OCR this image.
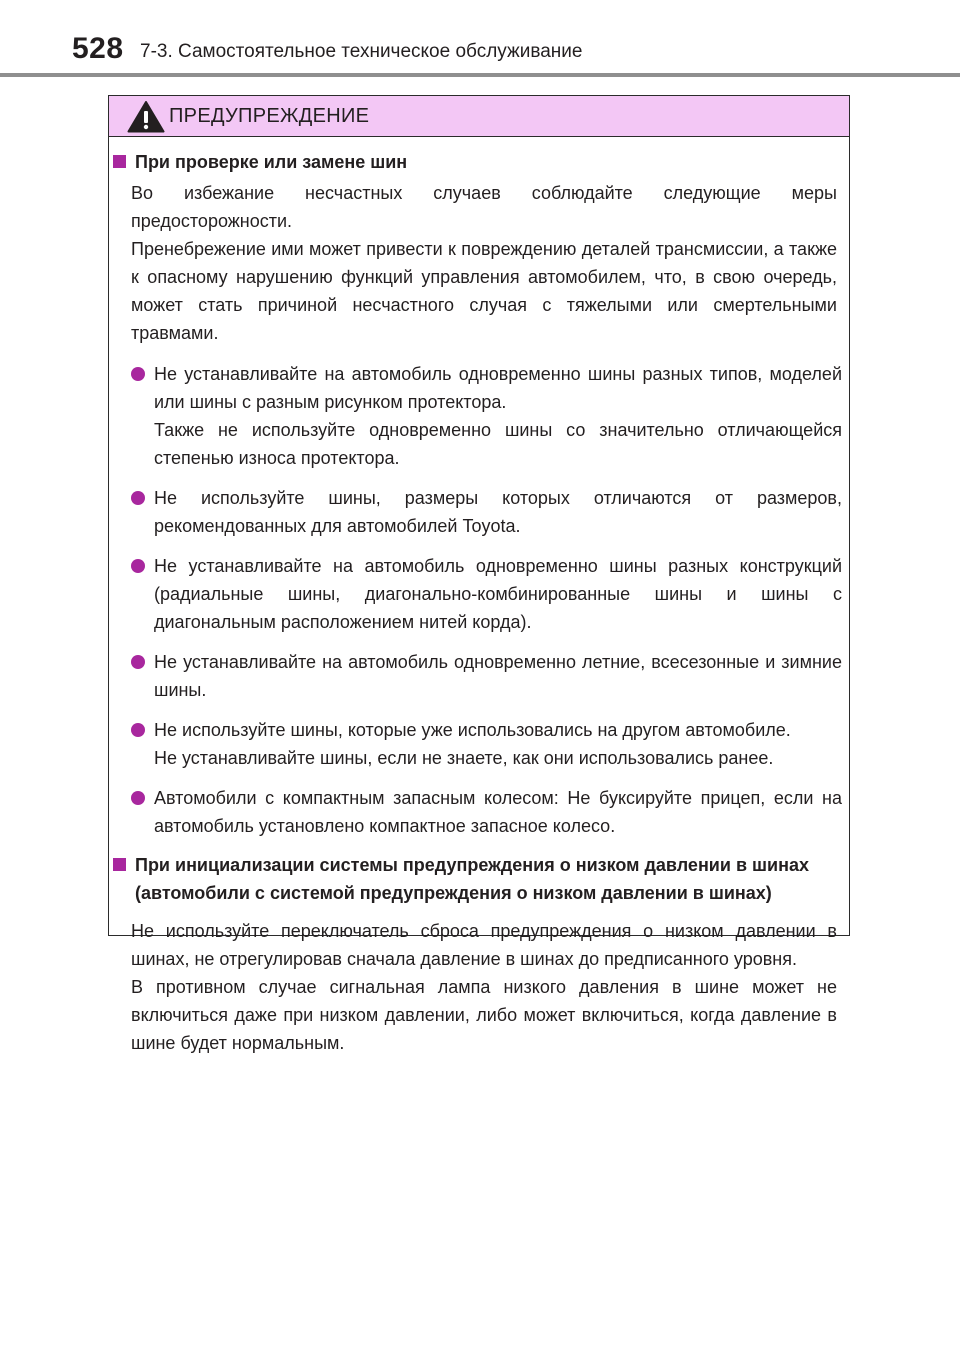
528 7-3. Самостоятельное техническое обслуживание
ПРЕДУПРЕЖДЕНИЕ
При проверке или замене шин
Во избежание несчастных случаев соблюдайте следующие меры предосторожности.
Пренебрежение ими может привести к повреждению деталей трансмиссии, а также к опасному нарушению функций управления автомобилем, что, в свою очередь, может стать причиной несчастного случая с тяжелыми или смертельными травмами.
Не устанавливайте на автомобиль одновременно шины разных типов, моделей или шины с разным рисунком протектора.
Также не используйте одновременно шины со значительно отличающейся степенью износа протектора.
Не используйте шины, размеры которых отличаются от размеров, рекомендованных для автомобилей Toyota.
Не устанавливайте на автомобиль одновременно шины разных конструкций (радиальные шины, диагонально-комбинированные шины и шины с диагональным расположением нитей корда).
Не устанавливайте на автомобиль одновременно летние, всесезонные и зимние шины.
Не используйте шины, которые уже использовались на другом автомобиле.
Не устанавливайте шины, если не знаете, как они использовались ранее.
Автомобили с компактным запасным колесом: Не буксируйте прицеп, если на автомобиль установлено компактное запасное колесо.
При инициализации системы предупреждения о низком давлении в шинах (автомобили с системой предупреждения о низком давлении в шинах)
Не используйте переключатель сброса предупреждения о низком давлении в шинах, не отрегулировав сначала давление в шинах до предписанного уровня.
В противном случае сигнальная лампа низкого давления в шине может не включиться даже при низком давлении, либо может включиться, когда давление в шине будет нормальным.
